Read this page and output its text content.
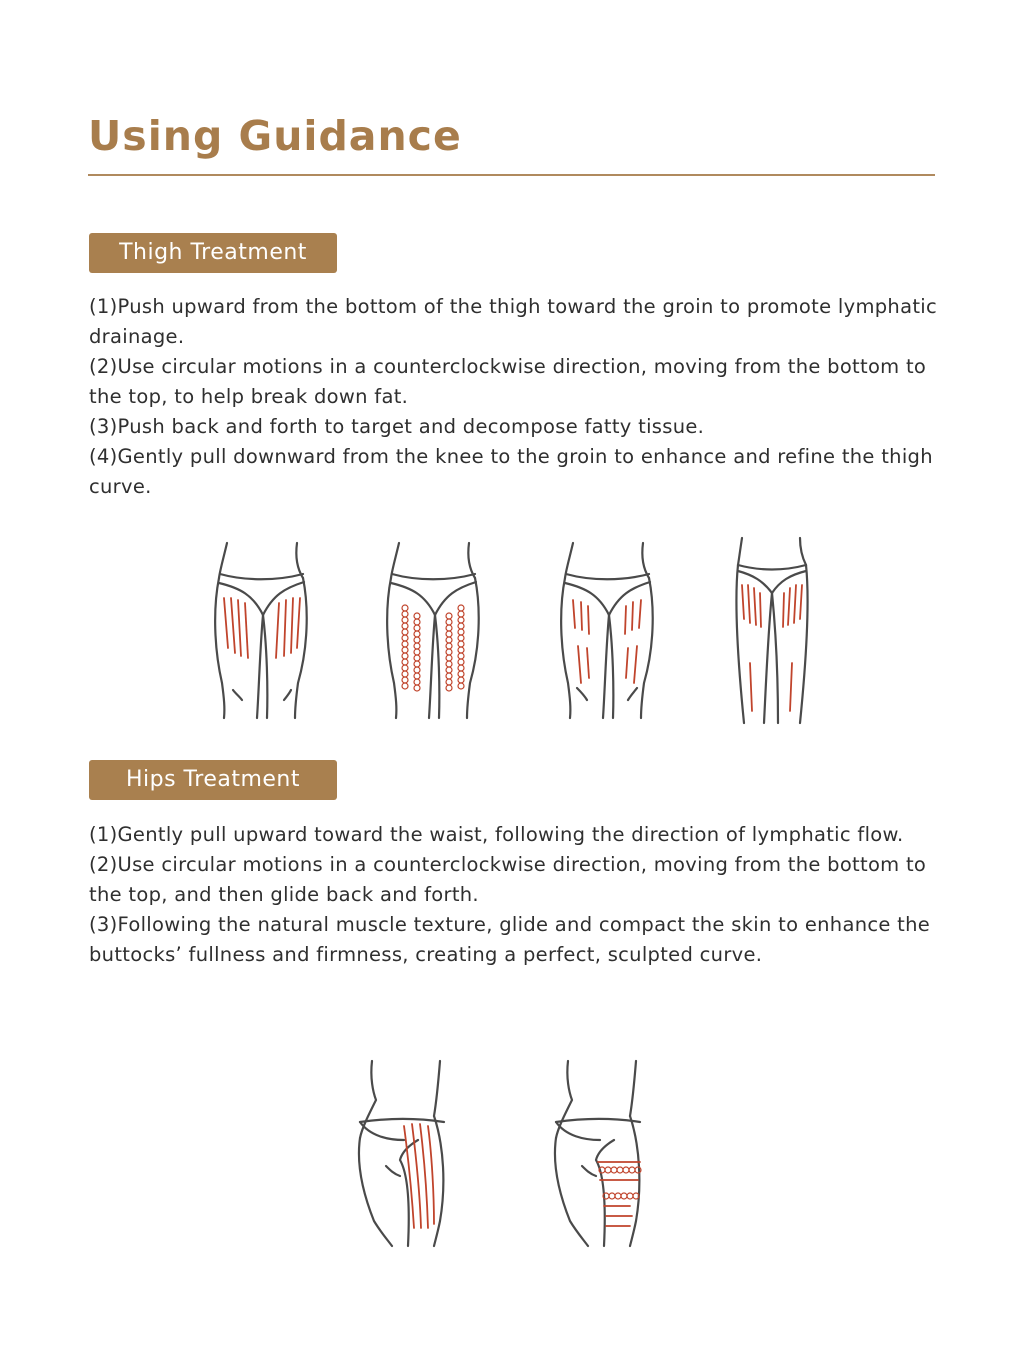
Using Guidance
Thigh Treatment

(1)Push upward from the bottom of the thigh toward the groin to promote lymphatic drainage.

(2)Use circular motions in a counterclockwise direction, moving from the bottom to the top, to help break down fat.

(3)Push back and forth to target and decompose fatty tissue.

(4)Gently pull downward from the knee to the groin to enhance and refine the thigh curve.

Hips Treatment

(1)Gently pull upward toward the waist, following the direction of lymphatic flow.

(2)Use circular motions in a counterclockwise direction, moving from the bottom to the top, and then glide back and forth.

(3)Following the natural muscle texture, glide and compact the skin to enhance the buttocks’ fullness and firmness, creating a perfect, sculpted curve.
